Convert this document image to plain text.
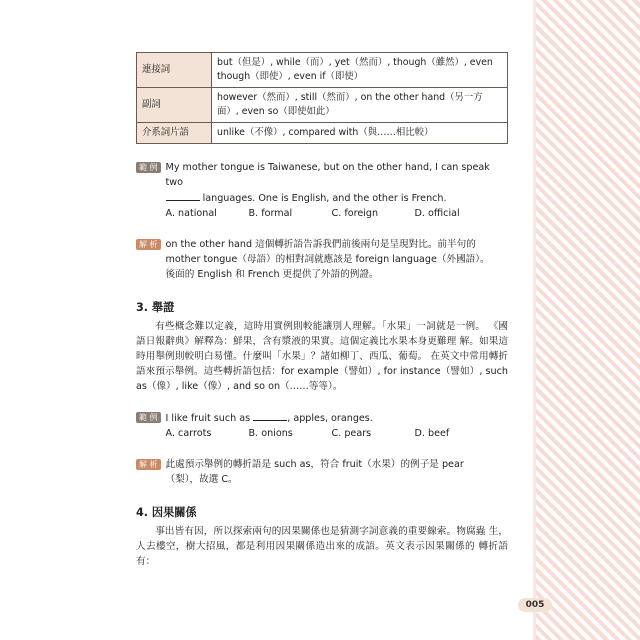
連接詞	but（但是）, while（而）, yet（然而）, though（雖然）, even
though（即使）, even if（即使）

副詞	however（然而）, still（然而）, on the other hand（另一方
面）, even so（即使如此）

介系詞片語	unlike（不像）, compared with（與……相比較）
範 例 My mother tongue is Taiwanese, but on the other hand, I can speak two
languages. One is English, and the other is French.
A. national	B. formal	C. foreign	D. official
解 析 on the other hand 這個轉折語告訴我們前後兩句是呈現對比。前半句的
mother tongue（母語）的相對詞就應該是 foreign language（外國語）。
後面的 English 和 French 更提供了外語的例證。
3. 舉證
有些概念難以定義，這時用實例則較能讓別人理解。「水果」一詞就是一例。 《國語日報辭典》解釋為：鮮果，含有漿液的果實。這個定義比水果本身更難理 解。如果這時用舉例則較明白易懂。什麼叫「水果」？諸如柳丁、西瓜、葡萄。 在英文中常用轉折語來預示舉例。這些轉折語包括：for example（譬如）, for instance（譬如）, such as（像）, like（像）, and so on（……等等）。
範 例 I like fruit such as	, apples, oranges.
A. carrots	B. onions	C. pears	D. beef
解 析 此處預示舉例的轉折語是 such as，符合 fruit（水果）的例子是 pear
（梨），故選 C。
4. 因果關係
事出皆有因，所以探索兩句的因果關係也是猜測字詞意義的重要線索。物腐蟲 生，人去樓空，樹大招風，都是利用因果關係造出來的成語。英文表示因果關係的 轉折語有：
005
